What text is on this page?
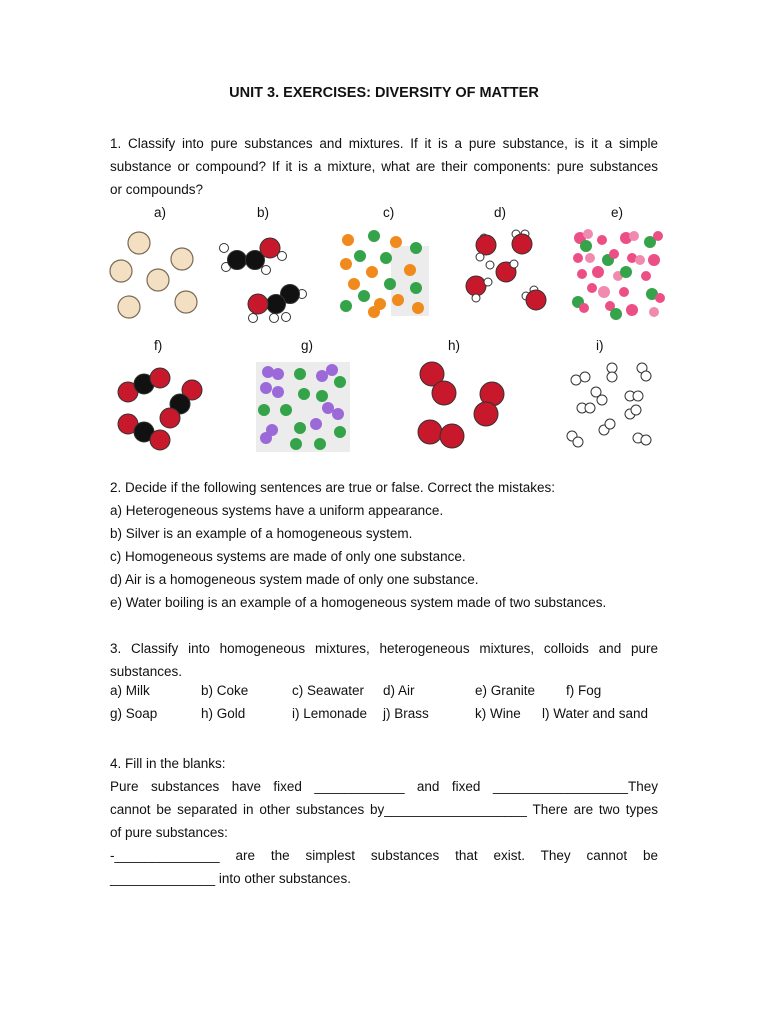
UNIT 3. EXERCISES: DIVERSITY OF MATTER
1. Classify into pure substances and mixtures. If it is a pure substance, is it a simple
substance or compound? If it is a mixture, what are their components: pure substances
or compounds?
a)	b)	c)	d)	e)
f)	g)	h)	i)
2. Decide if the following sentences are true or false. Correct the mistakes:
a) Heterogeneous systems have a uniform appearance.
b) Silver is an example of a homogeneous system.
c) Homogeneous systems are made of only one substance.
d) Air is a homogeneous system made of only one substance.
e) Water boiling is an example of a homogeneous system made of two substances.
3. Classify into homogeneous mixtures, heterogeneous mixtures, colloids and pure
substances.
a) Milk	b) Coke	c) Seawater d) Air	e) Granite f) Fog
g) Soap	h) Gold	i) Lemonade j) Brass	k) Wine l) Water and sand
4. Fill in the blanks:
Pure substances have fixed ____________ and fixed __________________They
cannot be separated in other substances by___________________ There are two types
of pure substances:
-______________ are the simplest substances that exist. They cannot be
______________ into other substances.
